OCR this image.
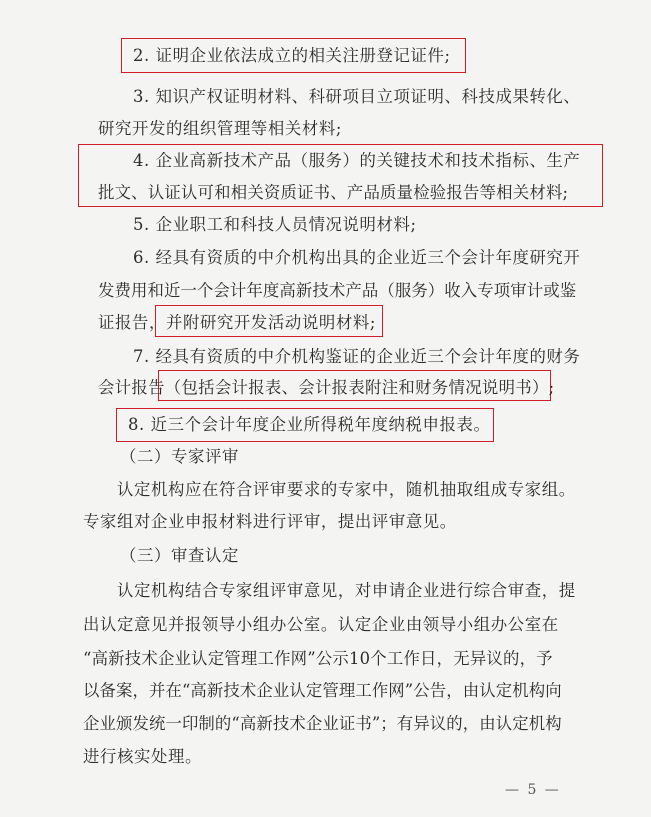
2. 证明企业依法成立的相关注册登记证件;
3. 知识产权证明材料、科研项目立项证明、科技成果转化、
研究开发的组织管理等相关材料;
4. 企业高新技术产品（服务）的关键技术和技术指标、生产
批文、认证认可和相关资质证书、产品质量检验报告等相关材料;
5. 企业职工和科技人员情况说明材料;
6. 经具有资质的中介机构出具的企业近三个会计年度研究开
发费用和近一个会计年度高新技术产品（服务）收入专项审计或鉴
证报告，并附研究开发活动说明材料;
7. 经具有资质的中介机构鉴证的企业近三个会计年度的财务
会计报告（包括会计报表、会计报表附注和财务情况说明书）;
8. 近三个会计年度企业所得税年度纳税申报表。
（二）专家评审
认定机构应在符合评审要求的专家中，随机抽取组成专家组。
专家组对企业申报材料进行评审，提出评审意见。
（三）审查认定
认定机构结合专家组评审意见，对申请企业进行综合审查，提
出认定意见并报领导小组办公室。认定企业由领导小组办公室在
“高新技术企业认定管理工作网”公示10个工作日，无异议的，予
以备案，并在“高新技术企业认定管理工作网”公告，由认定机构向
企业颁发统一印制的“高新技术企业证书”；有异议的，由认定机构
进行核实处理。
— 5 —
